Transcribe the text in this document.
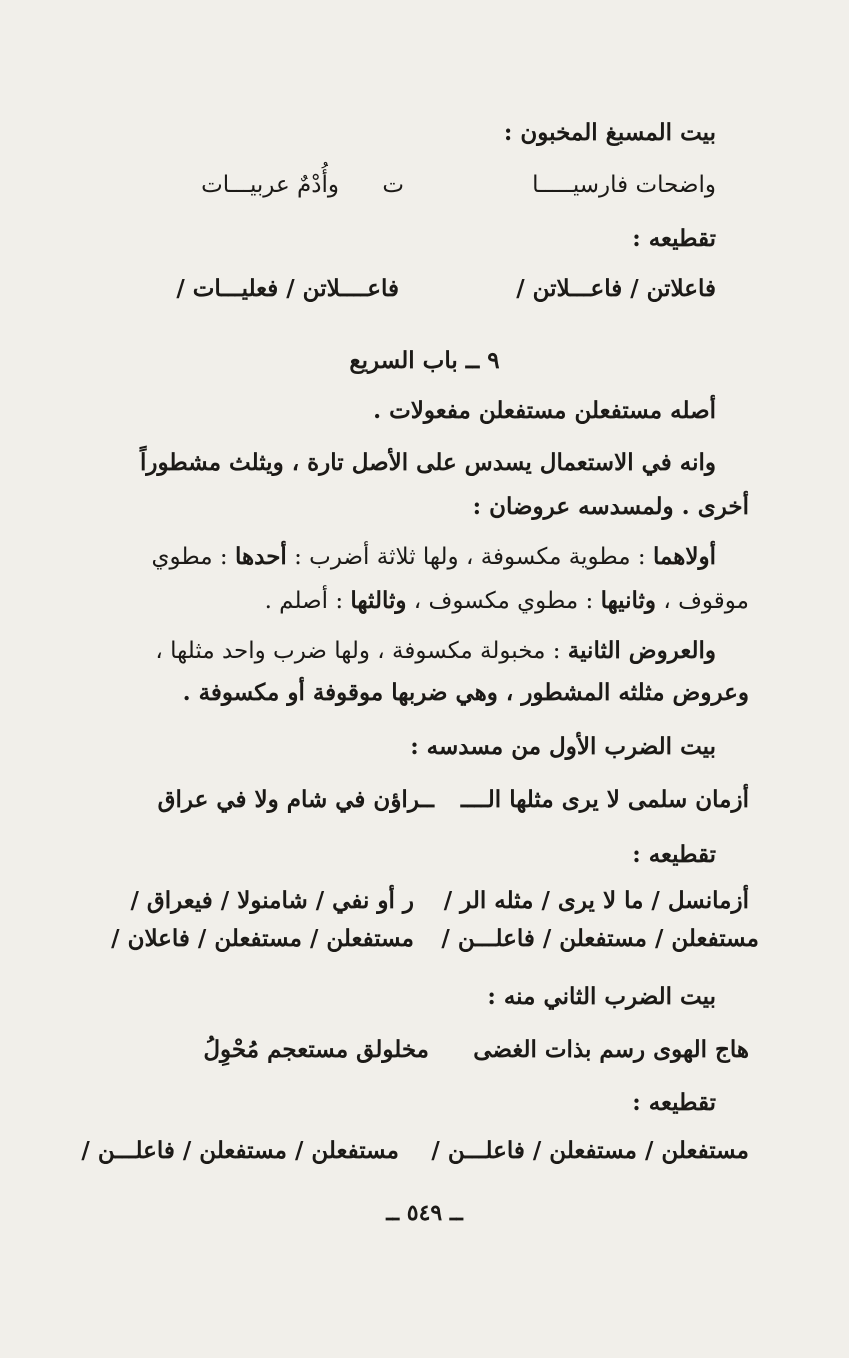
بيت المسبغ المخبون :
واضحات فارسيـــــا
ت
وأُدْمٌ عربيـــات
تقطيعه :
فاعلاتن / فاعـــلاتن /
فاعــــلاتن / فعليـــات /
٩ ــ باب السريع
أصله مستفعلن مستفعلن مفعولات .
وانه في الاستعمال يسدس على الأصل تارة ، ويثلث مشطوراً
أخرى . ولمسدسه عروضان :
أولاهما : مطوية مكسوفة ، ولها ثلاثة أضرب : أحدها : مطوي
موقوف ، وثانيها : مطوي مكسوف ، وثالثها : أصلم .
والعروض الثانية : مخبولة مكسوفة ، ولها ضرب واحد مثلها ،
وعروض مثلثه المشطور ، وهي ضربها موقوفة أو مكسوفة .
بيت الضرب الأول من مسدسه :
أزمان سلمى لا يرى مثلها الــــ
ــراؤن في شام ولا في عراق
تقطيعه :
أزمانسل / ما لا يرى / مثله الر /
ر أو نفي / شامنولا / فيعراق /
مستفعلن / مستفعلن / فاعلـــن /
مستفعلن / مستفعلن / فاعلان /
بيت الضرب الثاني منه :
هاج الهوى رسم بذات الغضى
مخلولق مستعجم مُحْوِلُ
تقطيعه :
مستفعلن / مستفعلن / فاعلـــن /
مستفعلن / مستفعلن / فاعلـــن /
ــ ٥٤٩ ــ
